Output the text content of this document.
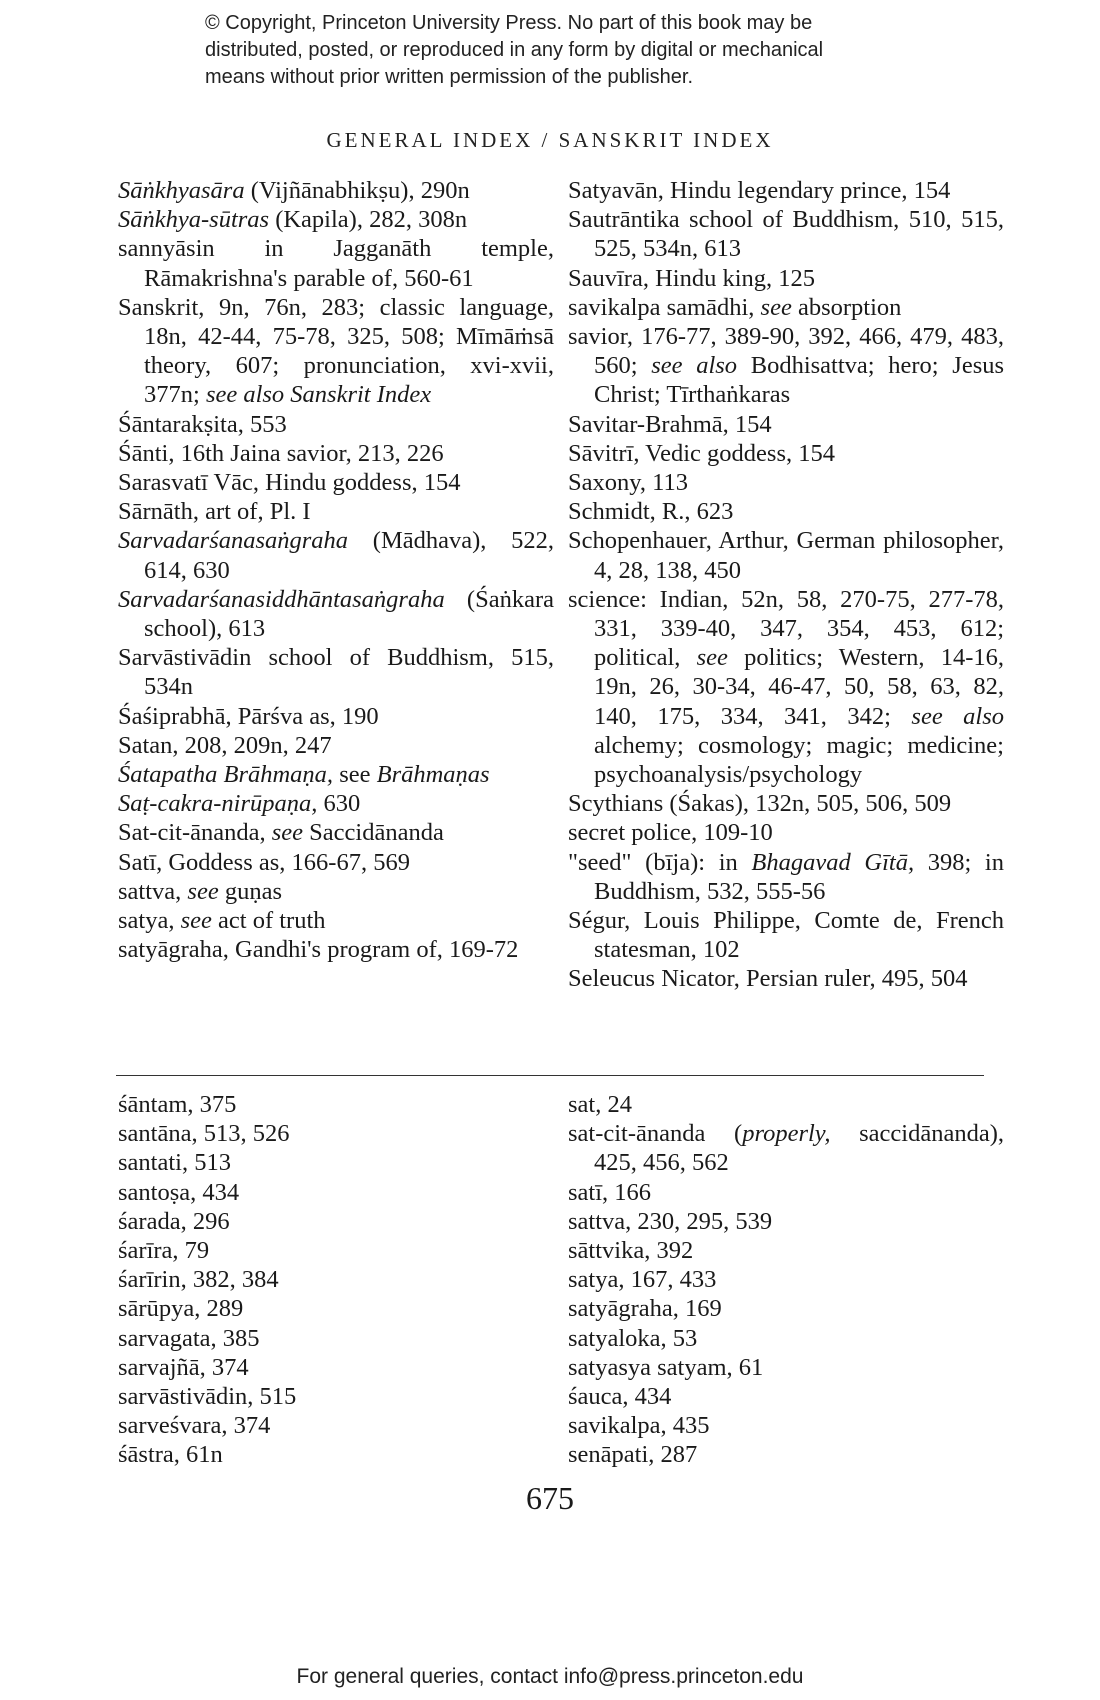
© Copyright, Princeton University Press. No part of this book may be
distributed, posted, or reproduced in any form by digital or mechanical
means without prior written permission of the publisher.
GENERAL INDEX / SANSKRIT INDEX
Sāṅkhyasāra (Vijñānabhikṣu), 290n
Sāṅkhya-sūtras (Kapila), 282, 308n
sannyāsin in Jagganāth temple, Rāmakrishna's parable of, 560-61
Sanskrit, 9n, 76n, 283; classic language, 18n, 42-44, 75-78, 325, 508; Mīmāṁsā theory, 607; pronunciation, xvi-xvii, 377n; see also Sanskrit Index
Śāntarakṣita, 553
Śānti, 16th Jaina savior, 213, 226
Sarasvatī Vāc, Hindu goddess, 154
Sārnāth, art of, Pl. I
Sarvadarśanasaṅgraha (Mādhava), 522, 614, 630
Sarvadarśanasiddhāntasaṅgraha (Śaṅkara school), 613
Sarvāstivādin school of Buddhism, 515, 534n
Śaśiprabhā, Pārśva as, 190
Satan, 208, 209n, 247
Śatapatha Brāhmaṇa, see Brāhmaṇas
Saṭ-cakra-nirūpaṇa, 630
Sat-cit-ānanda, see Saccidānanda
Satī, Goddess as, 166-67, 569
sattva, see guṇas
satya, see act of truth
satyāgraha, Gandhi's program of, 169-72
Satyavān, Hindu legendary prince, 154
Sautrāntika school of Buddhism, 510, 515, 525, 534n, 613
Sauvīra, Hindu king, 125
savikalpa samādhi, see absorption
savior, 176-77, 389-90, 392, 466, 479, 483, 560; see also Bodhisattva; hero; Jesus Christ; Tīrthaṅkaras
Savitar-Brahmā, 154
Sāvitrī, Vedic goddess, 154
Saxony, 113
Schmidt, R., 623
Schopenhauer, Arthur, German philosopher, 4, 28, 138, 450
science: Indian, 52n, 58, 270-75, 277-78, 331, 339-40, 347, 354, 453, 612; political, see politics; Western, 14-16, 19n, 26, 30-34, 46-47, 50, 58, 63, 82, 140, 175, 334, 341, 342; see also alchemy; cosmology; magic; medicine; psychoanalysis/psychology
Scythians (Śakas), 132n, 505, 506, 509
secret police, 109-10
"seed" (bīja): in Bhagavad Gītā, 398; in Buddhism, 532, 555-56
Ségur, Louis Philippe, Comte de, French statesman, 102
Seleucus Nicator, Persian ruler, 495, 504
śāntam, 375
santāna, 513, 526
santati, 513
santoṣa, 434
śarada, 296
śarīra, 79
śarīrin, 382, 384
sārūpya, 289
sarvagata, 385
sarvajñā, 374
sarvāstivādin, 515
sarveśvara, 374
śāstra, 61n
sat, 24
sat-cit-ānanda (properly, saccidānanda), 425, 456, 562
satī, 166
sattva, 230, 295, 539
sāttvika, 392
satya, 167, 433
satyāgraha, 169
satyaloka, 53
satyasya satyam, 61
śauca, 434
savikalpa, 435
senāpati, 287
675
For general queries, contact info@press.princeton.edu
